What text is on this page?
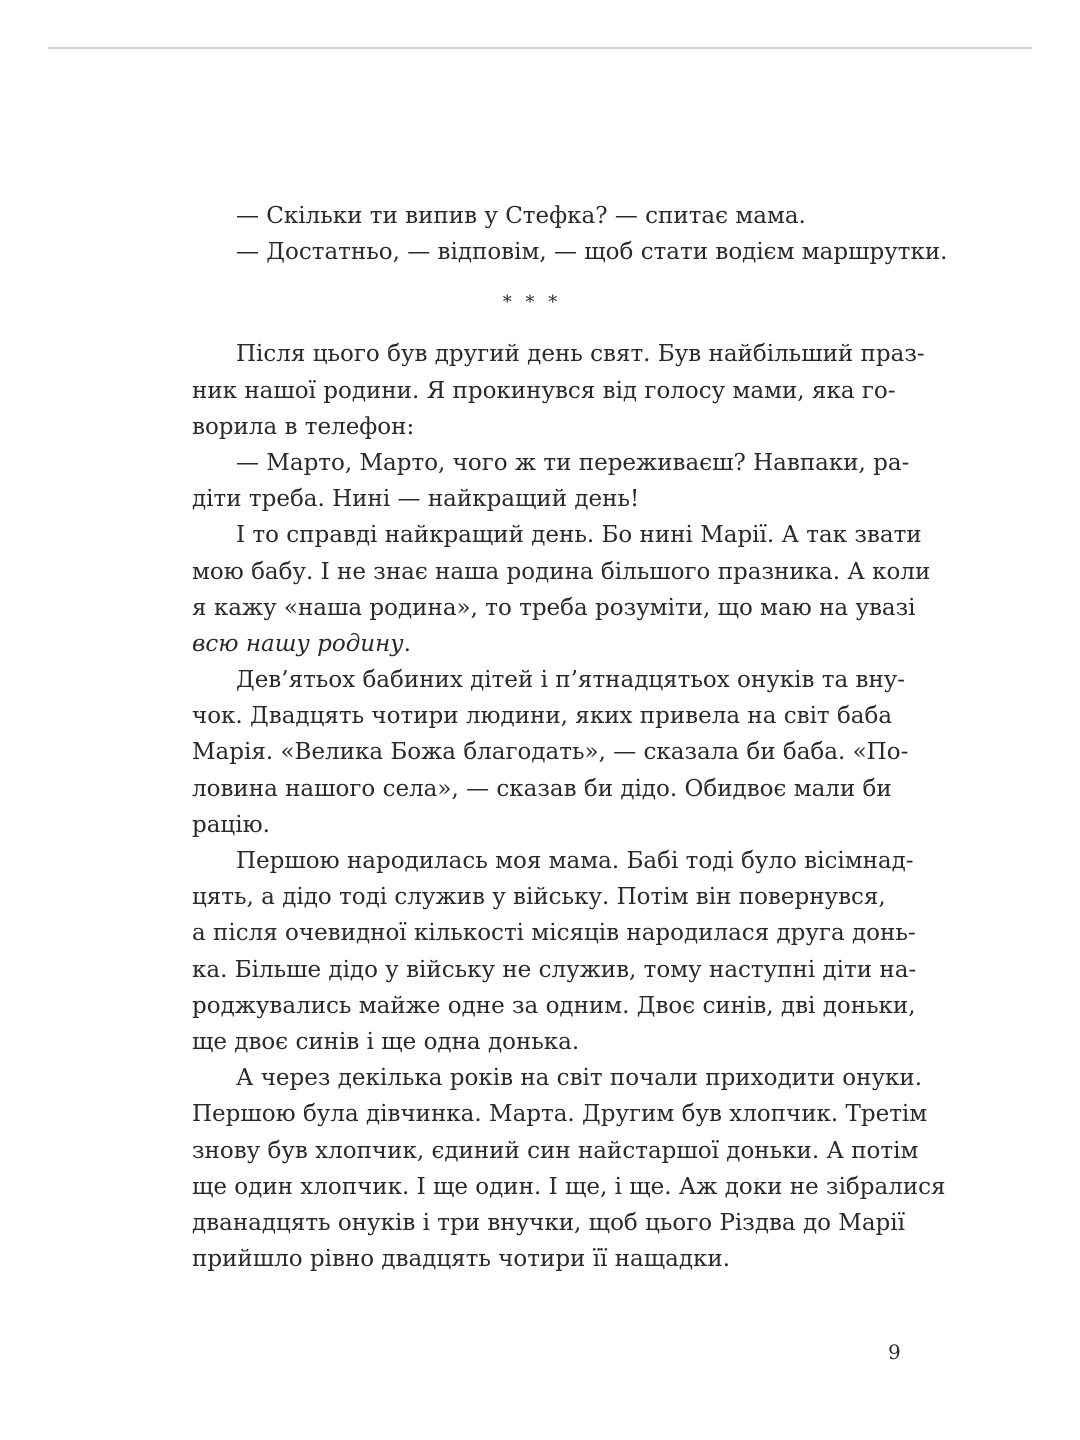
— Скільки ти випив у Стефка? — спитає мама.
— Достатньо, — відповім, — щоб стати водієм маршрутки.
* * *
Після цього був другий день свят. Був найбільший праз-
ник нашої родини. Я прокинувся від голосу мами, яка го-
ворила в телефон:
— Марто, Марто, чого ж ти переживаєш? Навпаки, ра-
діти треба. Нині — найкращий день!
І то справді найкращий день. Бо нині Марії. А так звати
мою бабу. І не знає наша родина більшого празника. А коли
я кажу «наша родина», то треба розуміти, що маю на увазі
всю нашу родину.
Дев’ятьох бабиних дітей і п’ятнадцятьох онуків та вну-
чок. Двадцять чотири людини, яких привела на світ баба
Марія. «Велика Божа благодать», — сказала би баба. «По-
ловина нашого села», — сказав би дідо. Обидвоє мали би
рацію.
Першою народилась моя мама. Бабі тоді було вісімнад-
цять, а дідо тоді служив у війську. Потім він повернувся,
а після очевидної кількості місяців народилася друга донь-
ка. Більше дідо у війську не служив, тому наступні діти на-
роджувались майже одне за одним. Двоє синів, дві доньки,
ще двоє синів і ще одна донька.
А через декілька років на світ почали приходити онуки.
Першою була дівчинка. Марта. Другим був хлопчик. Третім
знову був хлопчик, єдиний син найстаршої доньки. А потім
ще один хлопчик. І ще один. І ще, і ще. Аж доки не зібралися
дванадцять онуків і три внучки, щоб цього Різдва до Марії
прийшло рівно двадцять чотири її нащадки.
9
